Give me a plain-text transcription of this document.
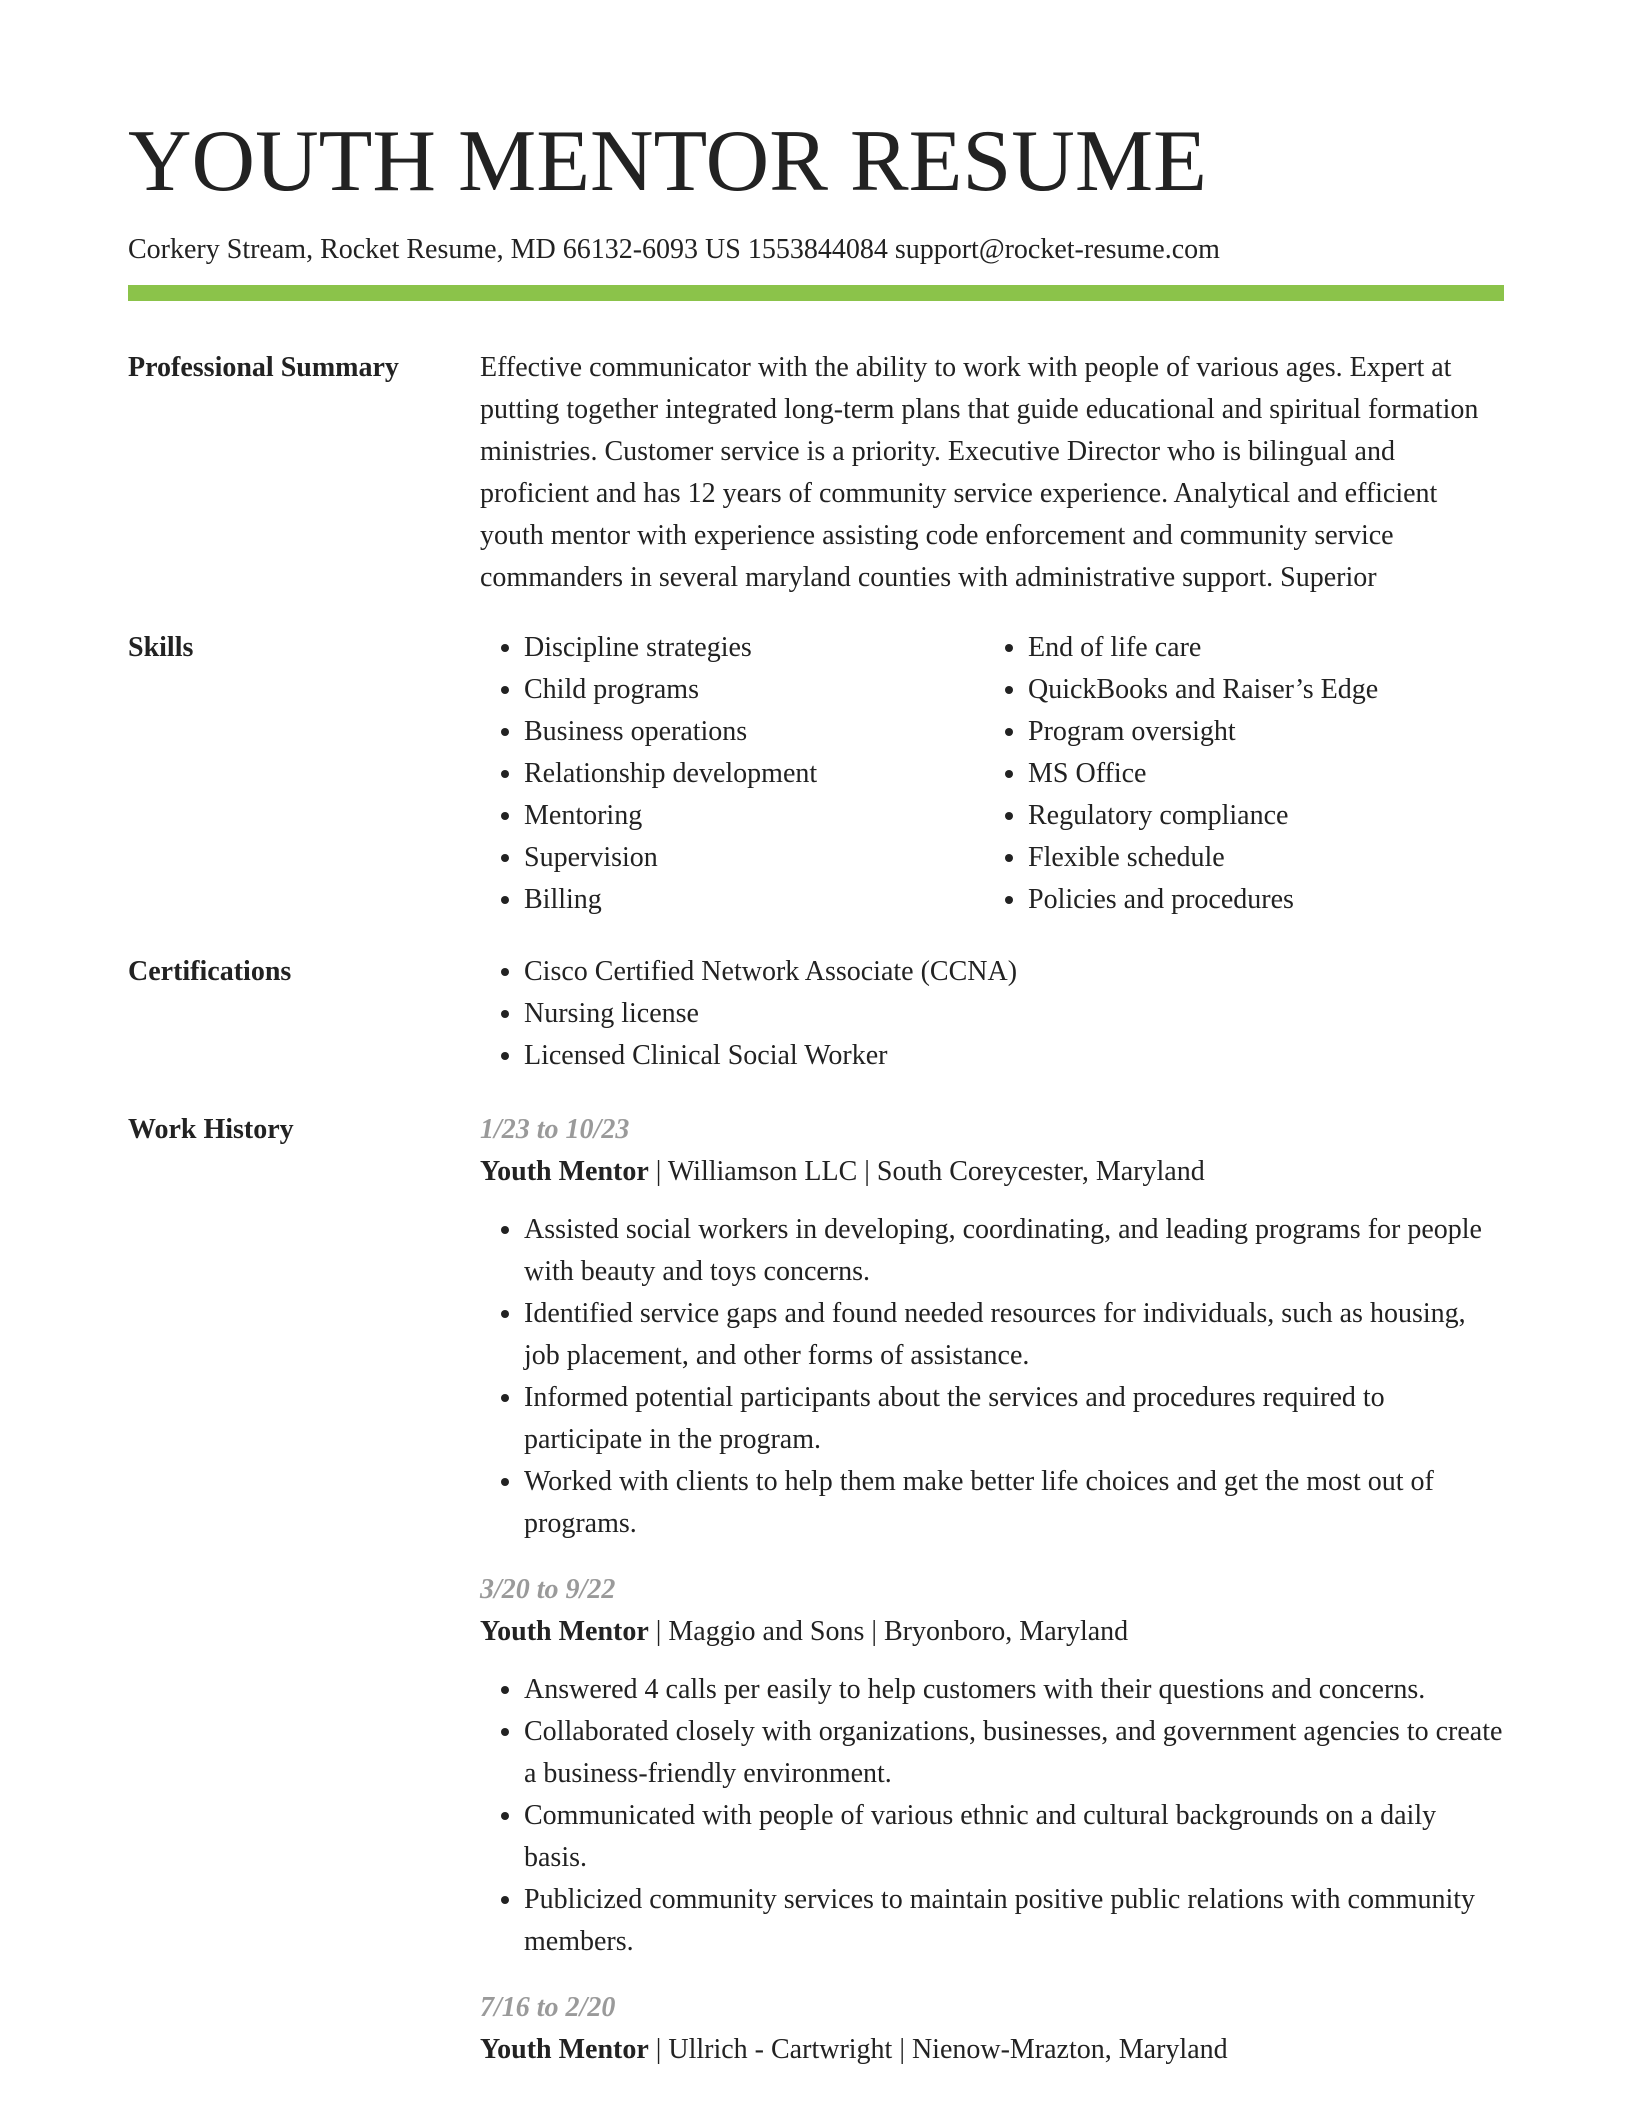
YOUTH MENTOR RESUME
Corkery Stream, Rocket Resume, MD 66132-6093 US 1553844084 support@rocket-resume.com
Professional Summary	Effective communicator with the ability to work with people of various ages. Expert at putting together integrated long-term plans that guide educational and spiritual formation ministries. Customer service is a priority. Executive Director who is bilingual and proficient and has 12 years of community service experience. Analytical and efficient youth mentor with experience assisting code enforcement and community service commanders in several maryland counties with administrative support. Superior

Skills	• Discipline strategies
• Child programs
• Business operations
• Relationship development
• Mentoring
• Supervision
• Billing
• End of life care
• QuickBooks and Raiser’s Edge
• Program oversight
• MS Office
• Regulatory compliance
• Flexible schedule
• Policies and procedures
Certifications	• Cisco Certified Network Associate (CCNA)
• Nursing license
• Licensed Clinical Social Worker
Work History	1/23 to 10/23
Youth Mentor | Williamson LLC | South Coreycester, Maryland
• Assisted social workers in developing, coordinating, and leading programs for people with beauty and toys concerns.
• Identified service gaps and found needed resources for individuals, such as housing, job placement, and other forms of assistance.
• Informed potential participants about the services and procedures required to participate in the program.
• Worked with clients to help them make better life choices and get the most out of programs.
3/20 to 9/22
Youth Mentor | Maggio and Sons | Bryonboro, Maryland
• Answered 4 calls per easily to help customers with their questions and concerns.
• Collaborated closely with organizations, businesses, and government agencies to create a business-friendly environment.
• Communicated with people of various ethnic and cultural backgrounds on a daily basis.
• Publicized community services to maintain positive public relations with community members.
7/16 to 2/20
Youth Mentor | Ullrich - Cartwright | Nienow-Mrazton, Maryland
